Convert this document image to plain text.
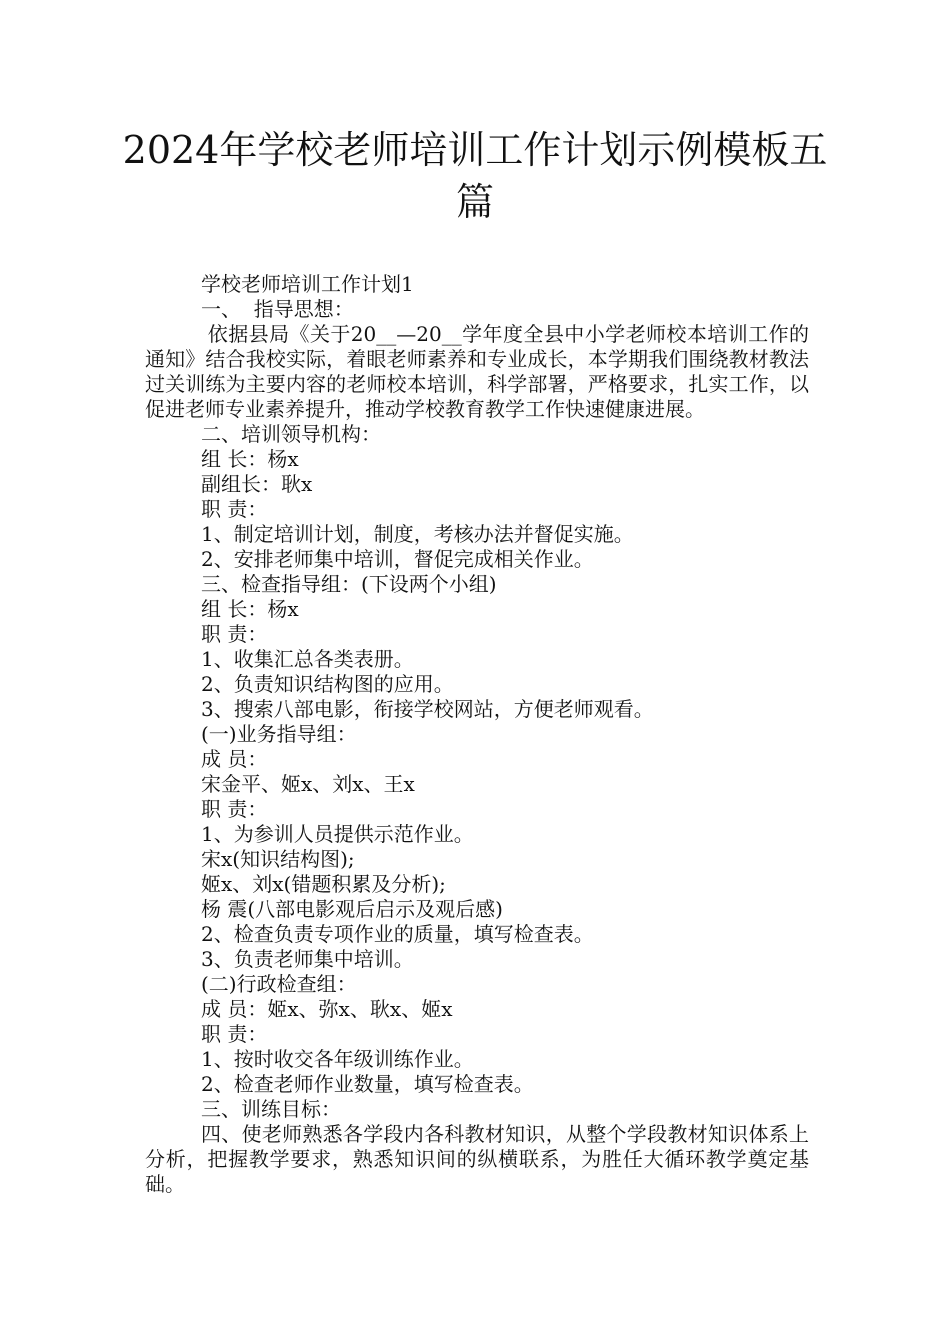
2024年学校老师培训工作计划示例模板五
篇

学校老师培训工作计划1

一、  指导思想：

依据县局《关于20__—20__学年度全县中小学老师校本培训工作的通知》结合我校实际，着眼老师素养和专业成长，本学期我们围绕教材教法过关训练为主要内容的老师校本培训，科学部署，严格要求，扎实工作，以促进老师专业素养提升，推动学校教育教学工作快速健康进展。

二、培训领导机构：

组 长：杨x

副组长：耿x

职 责：

1、制定培训计划，制度，考核办法并督促实施。

2、安排老师集中培训，督促完成相关作业。

三、检查指导组：(下设两个小组)

组 长：杨x

职 责：

1、收集汇总各类表册。

2、负责知识结构图的应用。

3、搜索八部电影，衔接学校网站，方便老师观看。

(一)业务指导组：

成 员：

宋金平、姬x、刘x、王x

职 责：

1、为参训人员提供示范作业。

宋x(知识结构图);

姬x、刘x(错题积累及分析);

杨 震(八部电影观后启示及观后感)

2、检查负责专项作业的质量，填写检查表。

3、负责老师集中培训。

(二)行政检查组：

成 员：姬x、弥x、耿x、姬x

职 责：

1、按时收交各年级训练作业。

2、检查老师作业数量，填写检查表。

三、训练目标：

四、使老师熟悉各学段内各科教材知识，从整个学段教材知识体系上分析，把握教学要求，熟悉知识间的纵横联系，为胜任大循环教学奠定基础。
